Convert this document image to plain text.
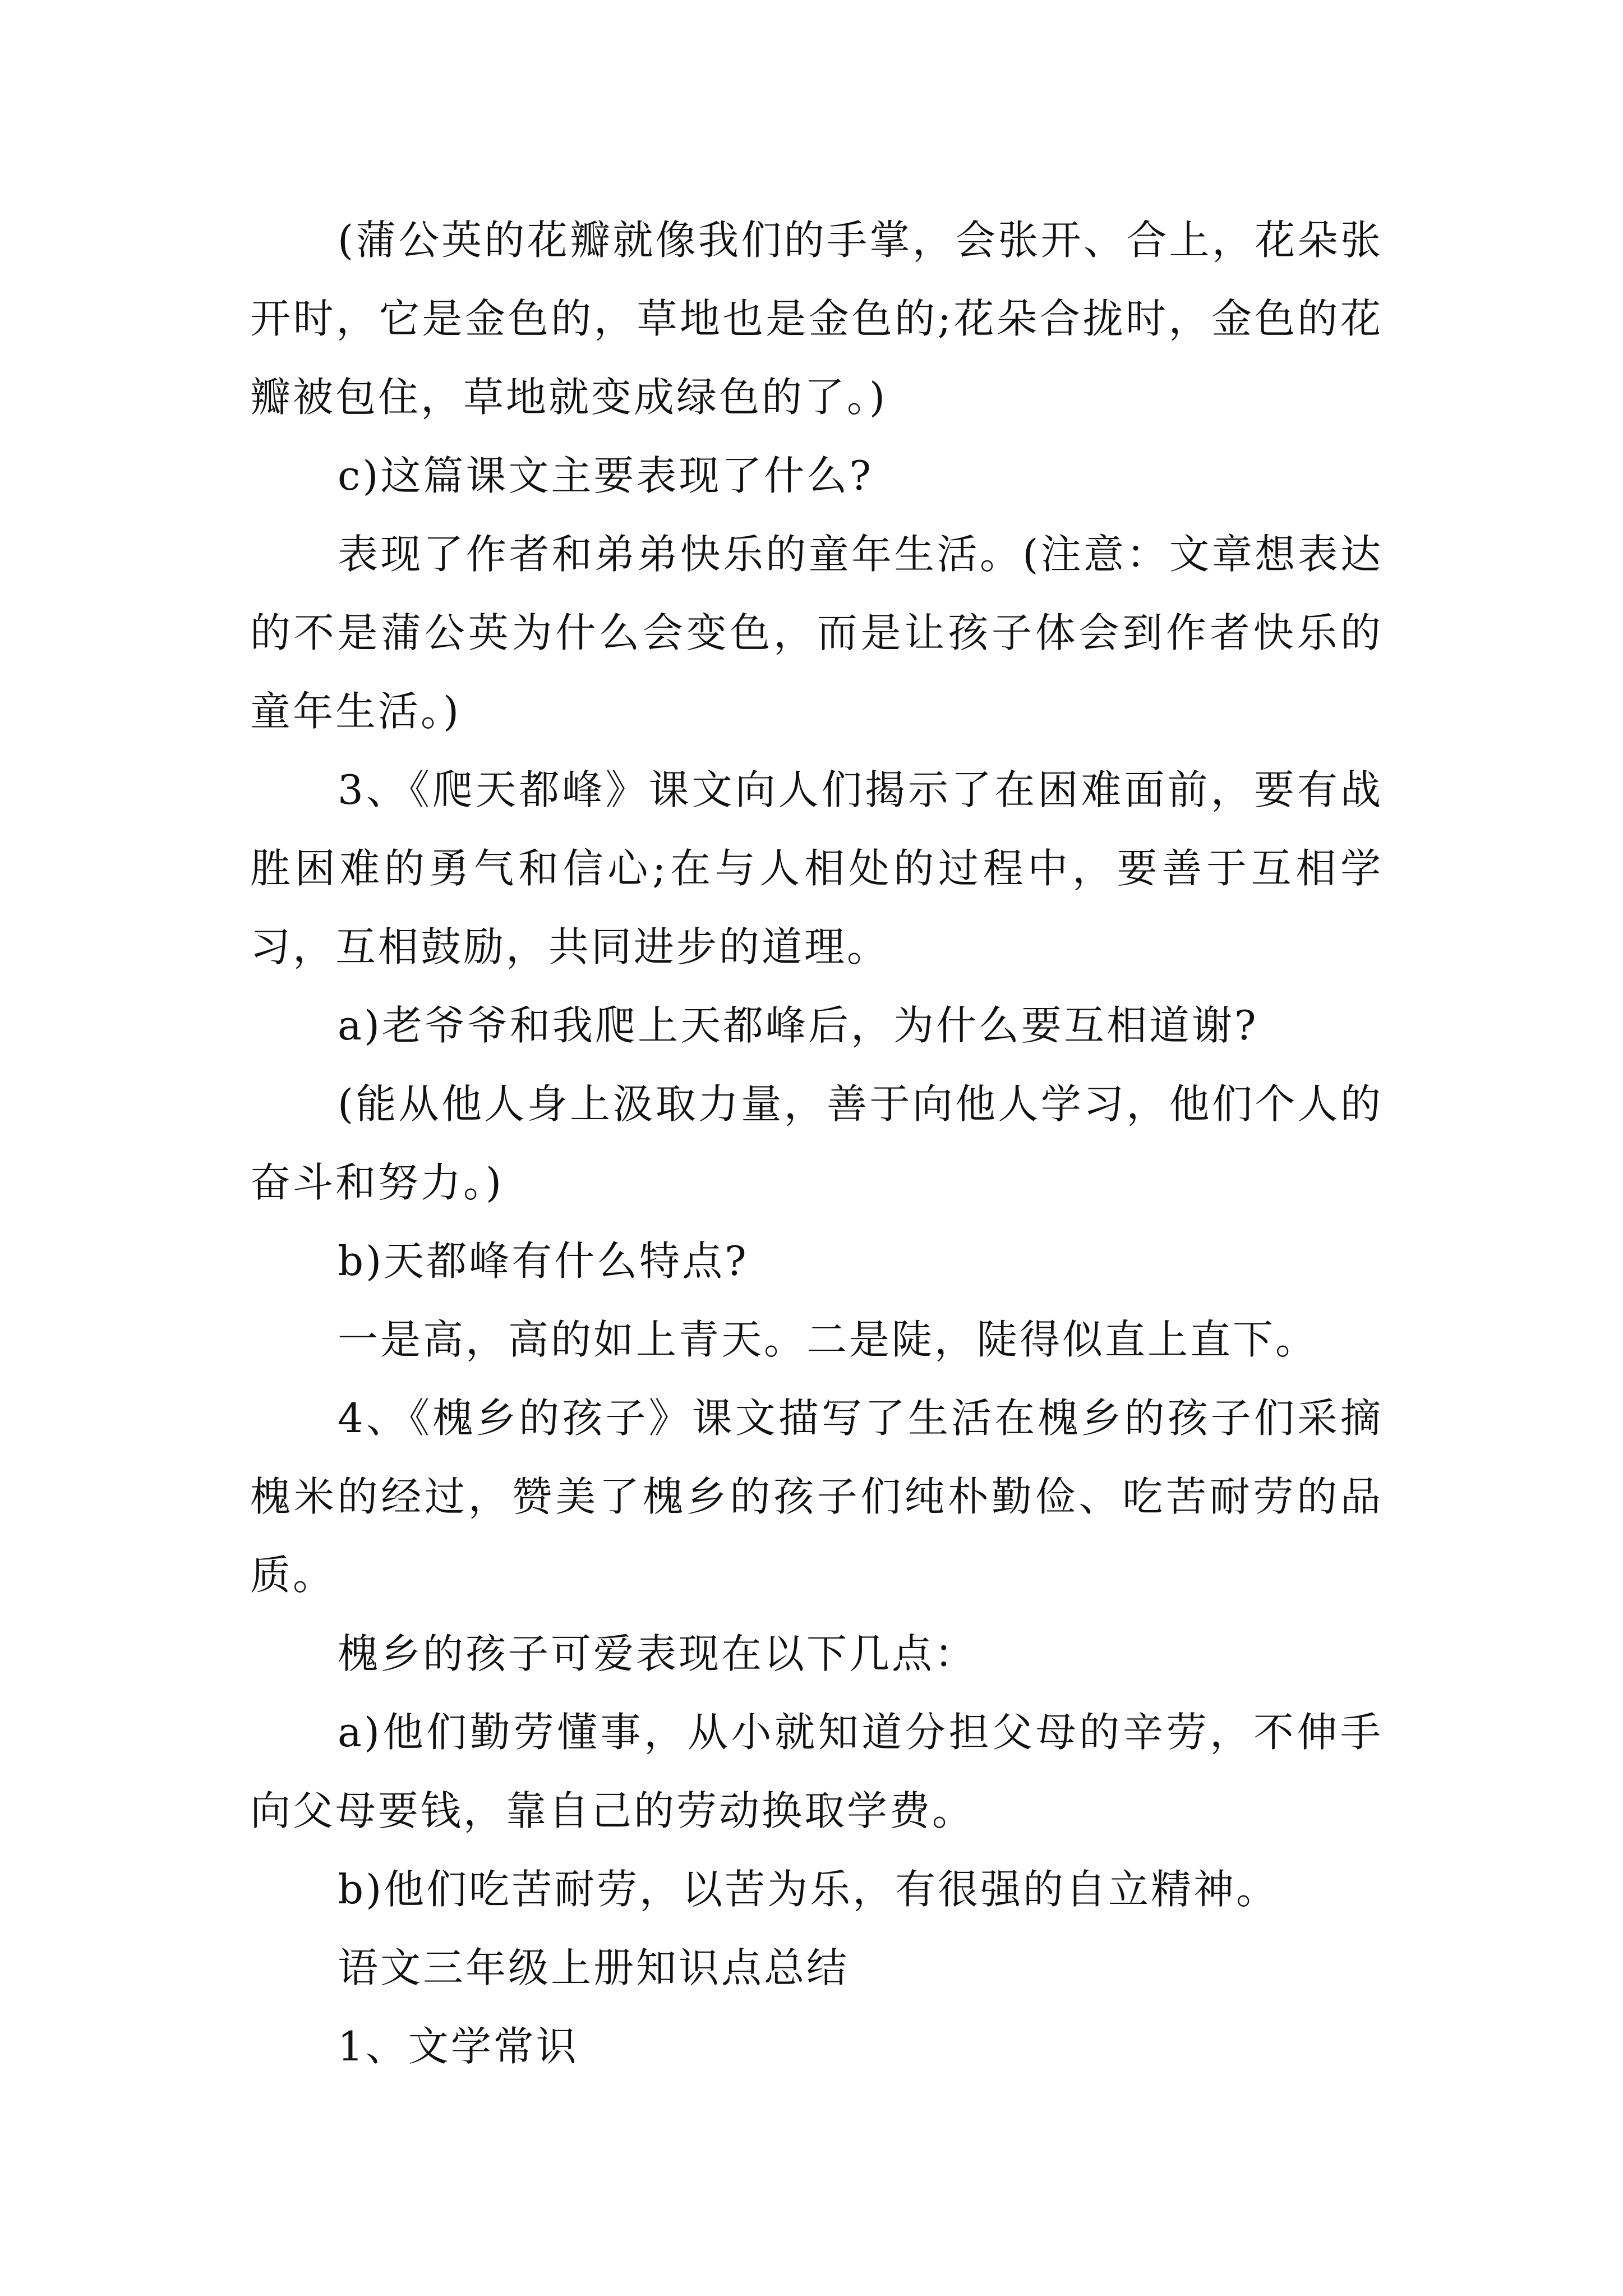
(蒲公英的花瓣就像我们的手掌，会张开、合上，花朵张开时，它是金色的，草地也是金色的;花朵合拢时，金色的花瓣被包住，草地就变成绿色的了。)

c)这篇课文主要表现了什么?

表现了作者和弟弟快乐的童年生活。(注意：文章想表达的不是蒲公英为什么会变色，而是让孩子体会到作者快乐的童年生活。)

3、《爬天都峰》课文向人们揭示了在困难面前，要有战胜困难的勇气和信心;在与人相处的过程中，要善于互相学习，互相鼓励，共同进步的道理。

a)老爷爷和我爬上天都峰后，为什么要互相道谢?

(能从他人身上汲取力量，善于向他人学习，他们个人的奋斗和努力。)

b)天都峰有什么特点?

一是高，高的如上青天。二是陡，陡得似直上直下。

4、《槐乡的孩子》课文描写了生活在槐乡的孩子们采摘槐米的经过，赞美了槐乡的孩子们纯朴勤俭、吃苦耐劳的品质。

槐乡的孩子可爱表现在以下几点：

a)他们勤劳懂事，从小就知道分担父母的辛劳，不伸手向父母要钱，靠自己的劳动换取学费。

b)他们吃苦耐劳，以苦为乐，有很强的自立精神。

语文三年级上册知识点总结

1、文学常识
